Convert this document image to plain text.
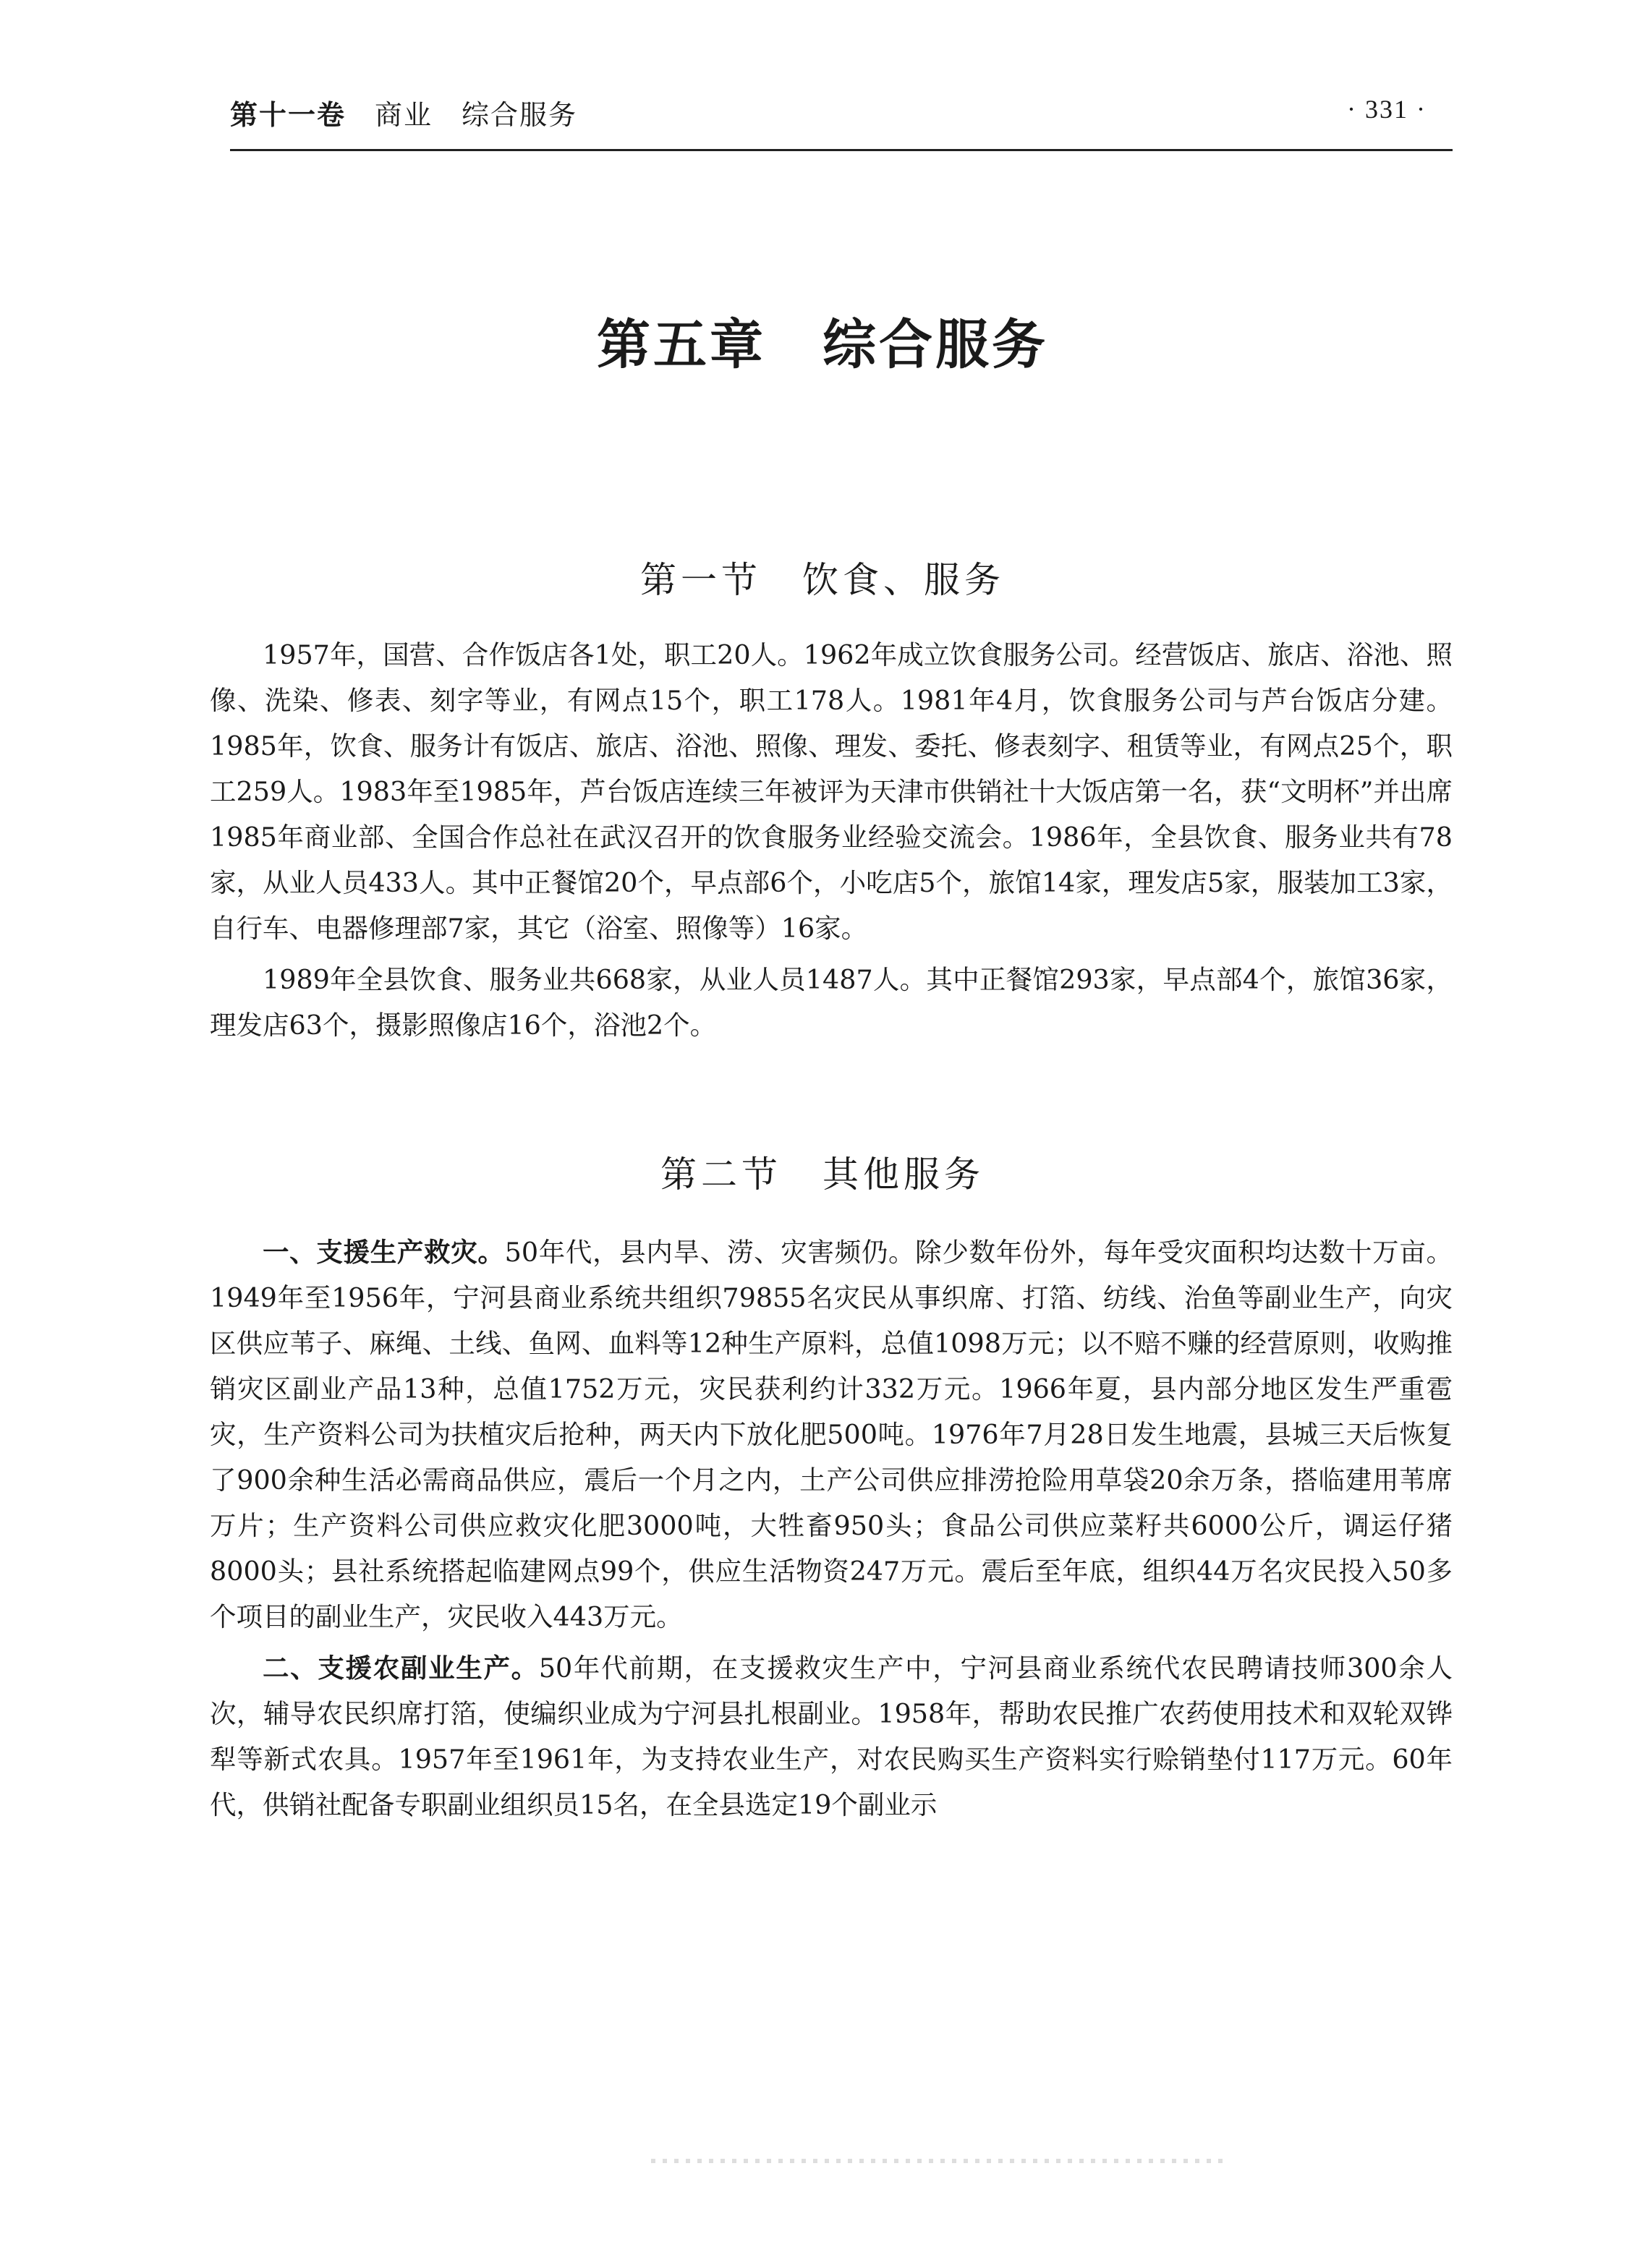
第十一卷　 商业　综合服务	· 331 ·
第五章　综合服务
第一节　饮食、服务

1957年，国营、合作饭店各1处，职工20人。1962年成立饮食服务公司。经营饭店、旅店、浴池、照像、洗染、修表、刻字等业，有网点15个，职工178人。1981年4月，饮食服务公司与芦台饭店分建。1985年，饮食、服务计有饭店、旅店、浴池、照像、理发、委托、修表刻字、租赁等业，有网点25个，职工259人。1983年至1985年，芦台饭店连续三年被评为天津市供销社十大饭店第一名，获“文明杯”并出席1985年商业部、全国合作总社在武汉召开的饮食服务业经验交流会。1986年，全县饮食、服务业共有78家，从业人员433人。其中正餐馆20个，早点部6个，小吃店5个，旅馆14家，理发店5家，服装加工3家，自行车、电器修理部7家，其它（浴室、照像等）16家。

1989年全县饮食、服务业共668家，从业人员1487人。其中正餐馆293家，早点部4个，旅馆36家，理发店63个，摄影照像店16个，浴池2个。

第二节　其他服务

一、支援生产救灾。50年代，县内旱、涝、灾害频仍。除少数年份外，每年受灾面积均达数十万亩。1949年至1956年，宁河县商业系统共组织79855名灾民从事织席、打箔、纺线、治鱼等副业生产，向灾区供应苇子、麻绳、土线、鱼网、血料等12种生产原料，总值1098万元；以不赔不赚的经营原则，收购推销灾区副业产品13种，总值1752万元，灾民获利约计332万元。1966年夏，县内部分地区发生严重雹灾，生产资料公司为扶植灾后抢种，两天内下放化肥500吨。1976年7月28日发生地震，县城三天后恢复了900余种生活必需商品供应，震后一个月之内，土产公司供应排涝抢险用草袋20余万条，搭临建用苇席　万片；生产资料公司供应救灾化肥3000吨，大牲畜950头；食品公司供应菜籽共6000公斤，调运仔猪8000头；县社系统搭起临建网点99个，供应生活物资247万元。震后至年底，组织44万名灾民投入50多个项目的副业生产，灾民收入443万元。

二、支援农副业生产。50年代前期，在支援救灾生产中，宁河县商业系统代农民聘请技师300余人次，辅导农民织席打箔，使编织业成为宁河县扎根副业。1958年，帮助农民推广农药使用技术和双轮双铧犁等新式农具。1957年至1961年，为支持农业生产，对农民购买生产资料实行赊销垫付117万元。60年代，供销社配备专职副业组织员15名，在全县选定19个副业示
